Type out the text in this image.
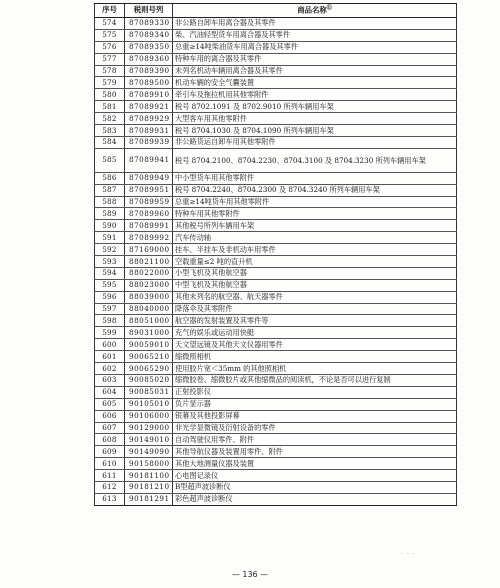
序号	税则号列	商品名称⑪
574	87089330	非公路自卸车用离合器及其零件
575	87089340	柴、汽油轻型货车用离合器及其零件
576	87089350	总重≥14吨柴油货车用离合器及其零件
577	87089360	特种车用的离合器及其零件
578	87089390	未列名机动车辆用离合器及其零件
579	87089500	机动车辆的安全气囊装置
580	87089910	牵引车及拖拉机用其他零附件
581	87089921	税号 8702.1091 及 8702.9010 所列车辆用车架
582	87089929	大型客车用其他零附件
583	87089931	税号 8704.1030 及 8704.1090 所列车辆用车架
584	87089939	非公路货运自卸车用其他零附件
585	87089941	税号 8704.2100、8704.2230、8704.3100 及 8704.3230 所列车辆用车架
586	87089949	中小型货车用其他零附件
587	87089951	税号 8704.2240、8704.2300 及 8704.3240 所列车辆用车架
588	87089959	总重≥14吨货车用其他零附件
589	87089960	特种车用其他零附件
590	87089991	其他税号所列车辆用车架
591	87089992	汽车传动轴
592	87169000	挂车、半挂车及非机动车用零件
593	88021100	空载重量≤2 吨的直升机
594	88022000	小型飞机及其他航空器
595	88023000	中型飞机及其他航空器
596	88039000	其他未列名的航空器、航天器零件
597	88040000	降落伞及其零附件
598	88051000	航空器的发射装置及其零件等
599	89031000	充气的娱乐或运动用快艇
600	90059010	天文望远镜及其他天文仪器用零件
601	90065210	缩微照相机
602	90065290	使用胶片宽＜35mm 的其他照相机
603	90085020	缩微胶卷、缩微胶片或其他缩微品的阅读机，不论是否可以进行复制
604	90085031	正射投影仪
605	90105010	负片显示器
606	90106000	银幕及其他投影屏幕
607	90129000	非光学显微镜及衍射设备的零件
608	90149010	自动驾驶仪用零件、附件
609	90149090	其他导航仪器及装置用零件、附件
610	90158000	其他大地测量仪器及装置
611	90181100	心电图记录仪
612	90181210	B型超声波诊断仪
613	90181291	彩色超声波诊断仪
· · ·
— 136 —
